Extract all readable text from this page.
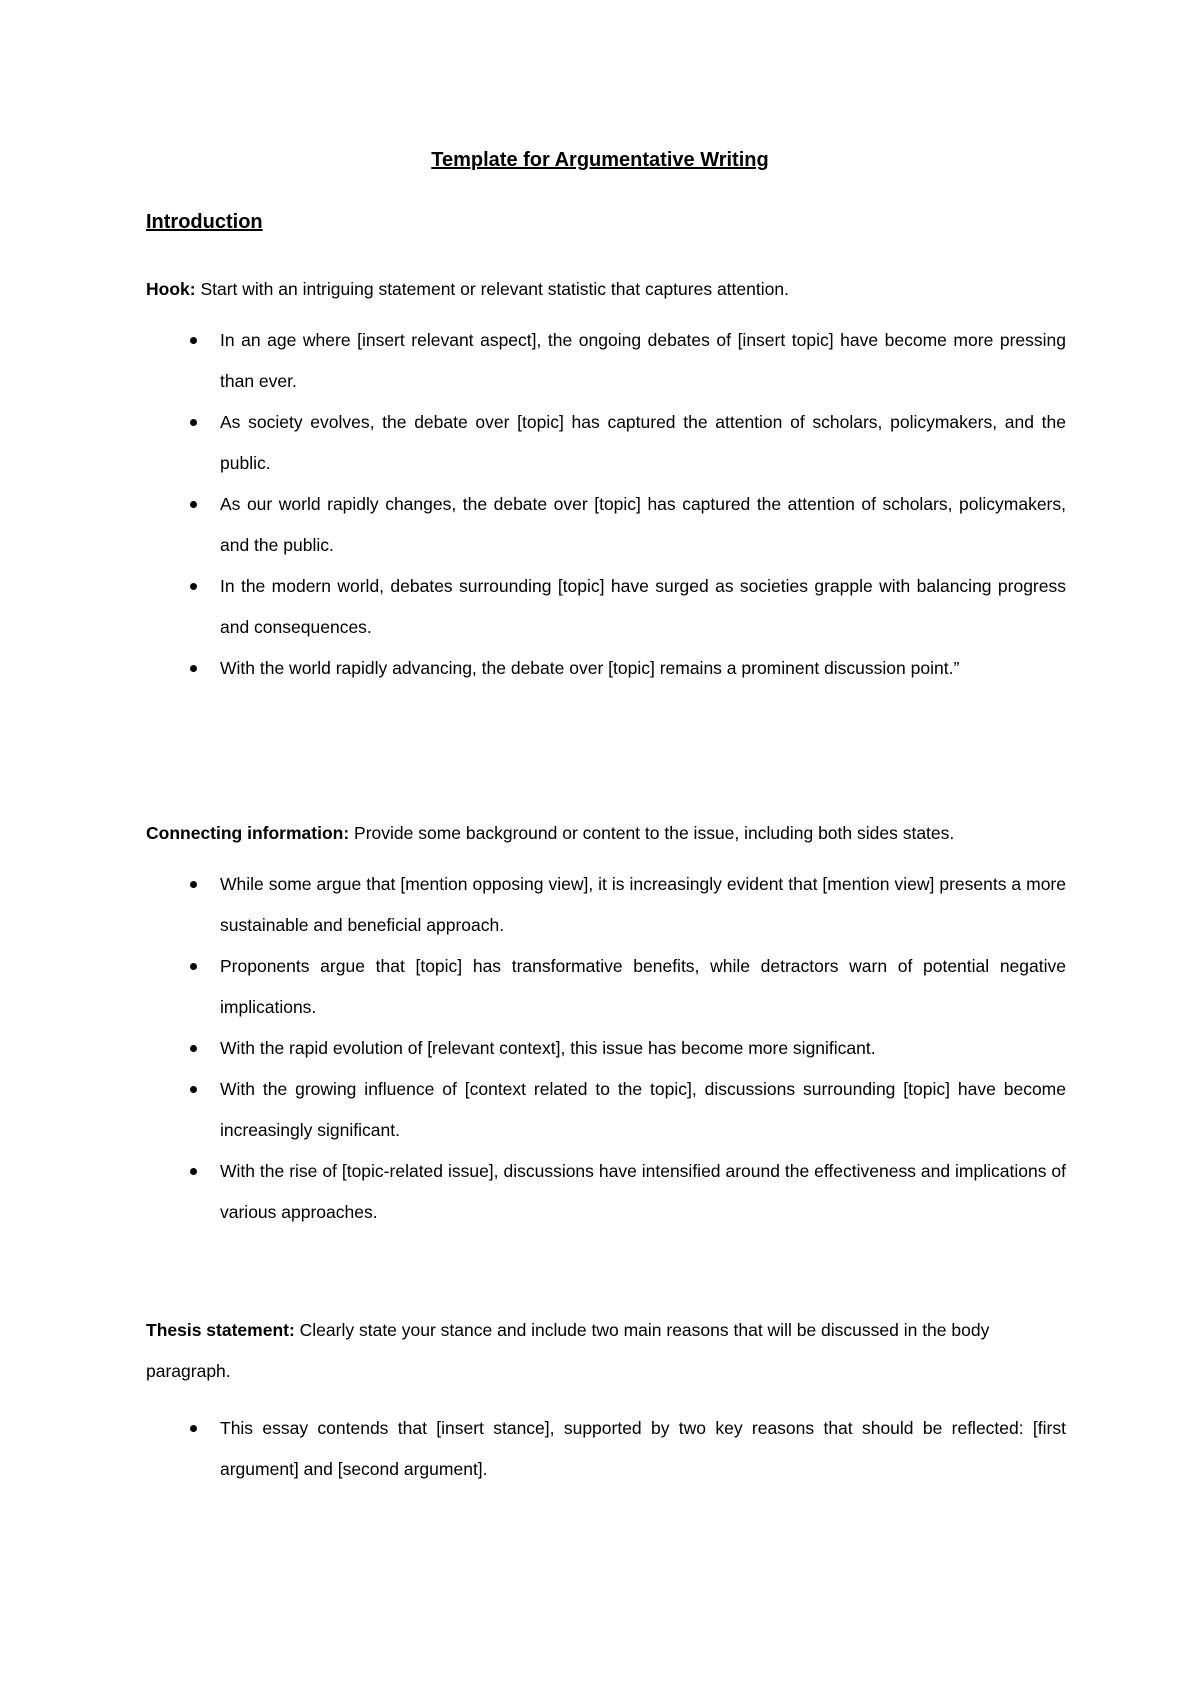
Template for Argumentative Writing
Introduction
Hook: Start with an intriguing statement or relevant statistic that captures attention.
In an age where [insert relevant aspect], the ongoing debates of [insert topic] have become more pressing than ever.
As society evolves, the debate over [topic] has captured the attention of scholars, policymakers, and the public.
As our world rapidly changes, the debate over [topic] has captured the attention of scholars, policymakers, and the public.
In the modern world, debates surrounding [topic] have surged as societies grapple with balancing progress and consequences.
With the world rapidly advancing, the debate over [topic] remains a prominent discussion point.”
Connecting information: Provide some background or content to the issue, including both sides states.
While some argue that [mention opposing view], it is increasingly evident that [mention view] presents a more sustainable and beneficial approach.
Proponents argue that [topic] has transformative benefits, while detractors warn of potential negative implications.
With the rapid evolution of [relevant context], this issue has become more significant.
With the growing influence of [context related to the topic], discussions surrounding [topic] have become increasingly significant.
With the rise of [topic-related issue], discussions have intensified around the effectiveness and implications of various approaches.
Thesis statement: Clearly state your stance and include two main reasons that will be discussed in the body paragraph.
This essay contends that [insert stance], supported by two key reasons that should be reflected: [first argument] and [second argument].
